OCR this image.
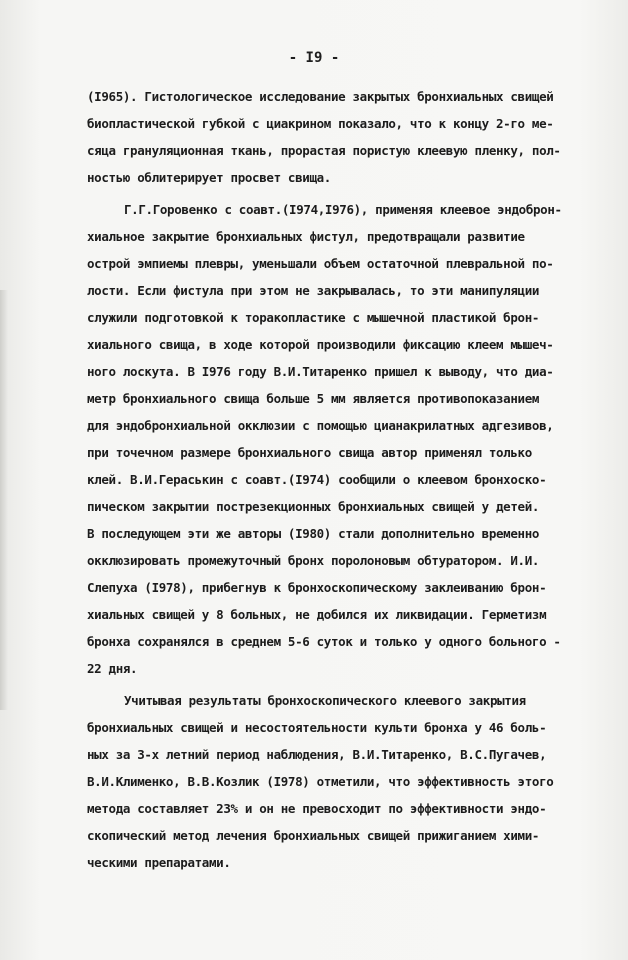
- I9 -
(I965). Гистологическое исследование закрытых бронхиальных свищей
биопластической губкой с циакрином показало, что к концу 2-го ме-
сяца грануляционная ткань, прорастая пористую клеевую пленку, пол-
ностью облитерирует просвет свища.
Г.Г.Горовенко с соавт.(I974,I976), применяя клеевое эндоброн-
хиальное закрытие бронхиальных фистул, предотвращали развитие
острой эмпиемы плевры, уменьшали объем остаточной плевральной по-
лости. Если фистула при этом не закрывалась, то эти манипуляции
служили подготовкой к торакопластике с мышечной пластикой брон-
хиального свища, в ходе которой производили фиксацию клеем мышеч-
ного лоскута. В I976 году В.И.Титаренко пришел к выводу, что диа-
метр бронхиального свища больше 5 мм является противопоказанием
для эндобронхиальной окклюзии с помощью цианакрилатных адгезивов,
при точечном размере бронхиального свища автор применял только
клей. В.И.Гераськин с соавт.(I974) сообщили о клеевом бронхоско-
пическом закрытии пострезекционных бронхиальных свищей у детей.
В последующем эти же авторы (I980) стали дополнительно временно
окклюзировать промежуточный бронх поролоновым обтуратором. И.И.
Слепуха (I978), прибегнув к бронхоскопическому заклеиванию брон-
хиальных свищей у 8 больных, не добился их ликвидации. Герметизм
бронха сохранялся в среднем 5-6 суток и только у одного больного -
22 дня.
Учитывая результаты бронхоскопического клеевого закрытия
бронхиальных свищей и несостоятельности культи бронха у 46 боль-
ных за 3-х летний период наблюдения, В.И.Титаренко, В.С.Пугачев,
В.И.Клименко, В.В.Козлик (I978) отметили, что эффективность этого
метода составляет 23% и он не превосходит по эффективности эндо-
скопический метод лечения бронхиальных свищей прижиганием хими-
ческими препаратами.
